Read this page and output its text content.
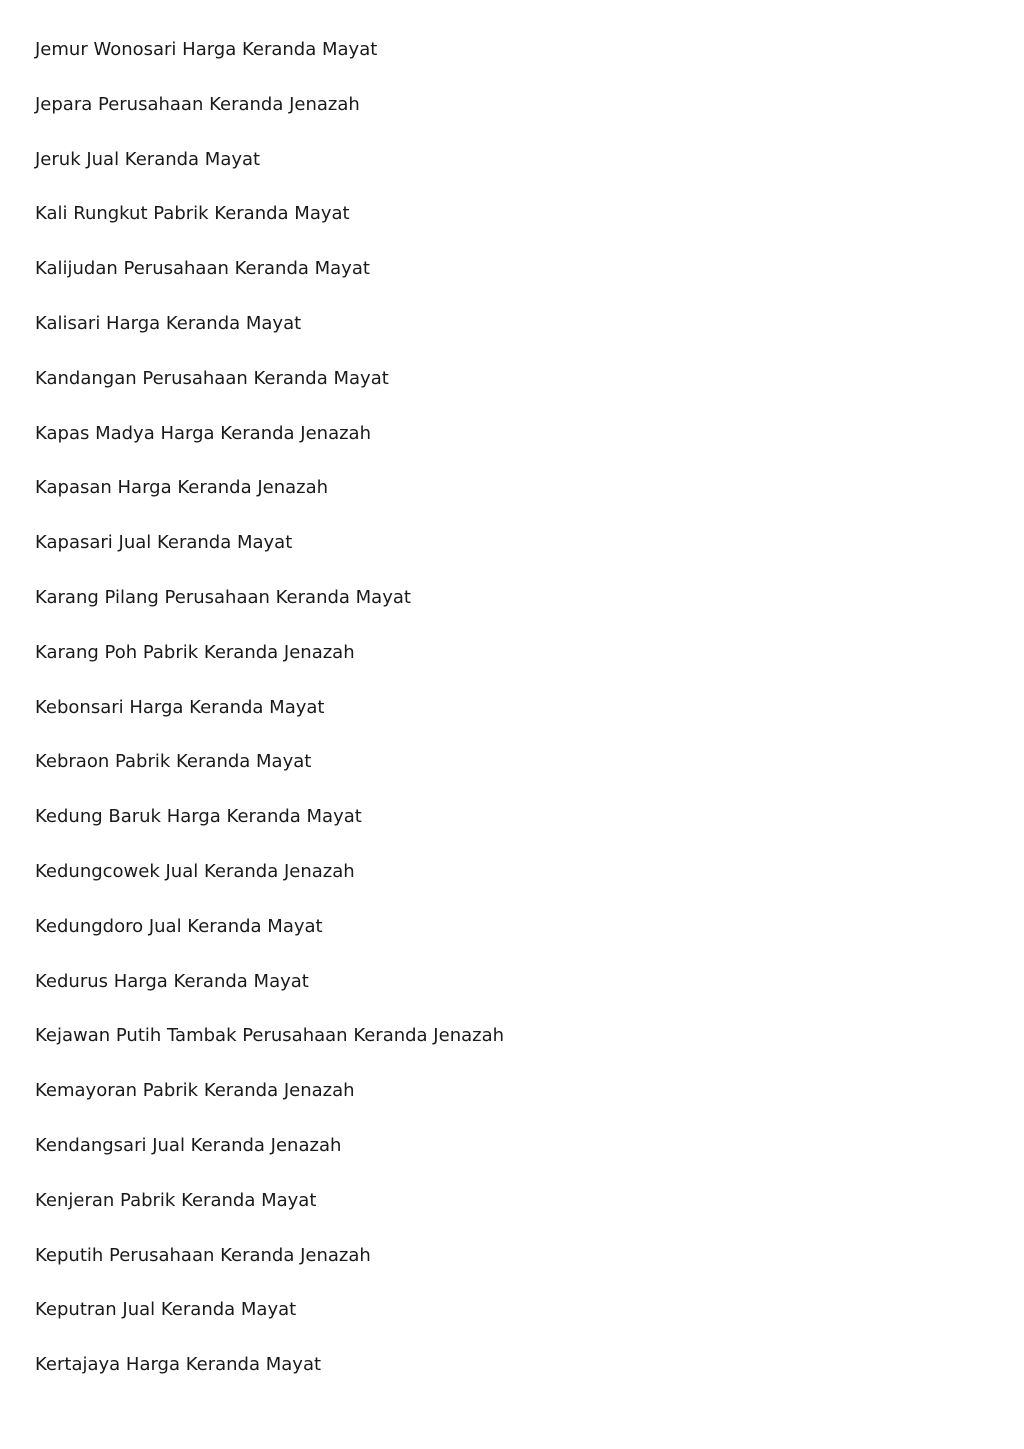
Jemur Wonosari Harga Keranda Mayat
Jepara Perusahaan Keranda Jenazah
Jeruk Jual Keranda Mayat
Kali Rungkut Pabrik Keranda Mayat
Kalijudan Perusahaan Keranda Mayat
Kalisari Harga Keranda Mayat
Kandangan Perusahaan Keranda Mayat
Kapas Madya Harga Keranda Jenazah
Kapasan Harga Keranda Jenazah
Kapasari Jual Keranda Mayat
Karang Pilang Perusahaan Keranda Mayat
Karang Poh Pabrik Keranda Jenazah
Kebonsari Harga Keranda Mayat
Kebraon Pabrik Keranda Mayat
Kedung Baruk Harga Keranda Mayat
Kedungcowek Jual Keranda Jenazah
Kedungdoro Jual Keranda Mayat
Kedurus Harga Keranda Mayat
Kejawan Putih Tambak Perusahaan Keranda Jenazah
Kemayoran Pabrik Keranda Jenazah
Kendangsari Jual Keranda Jenazah
Kenjeran Pabrik Keranda Mayat
Keputih Perusahaan Keranda Jenazah
Keputran Jual Keranda Mayat
Kertajaya Harga Keranda Mayat
